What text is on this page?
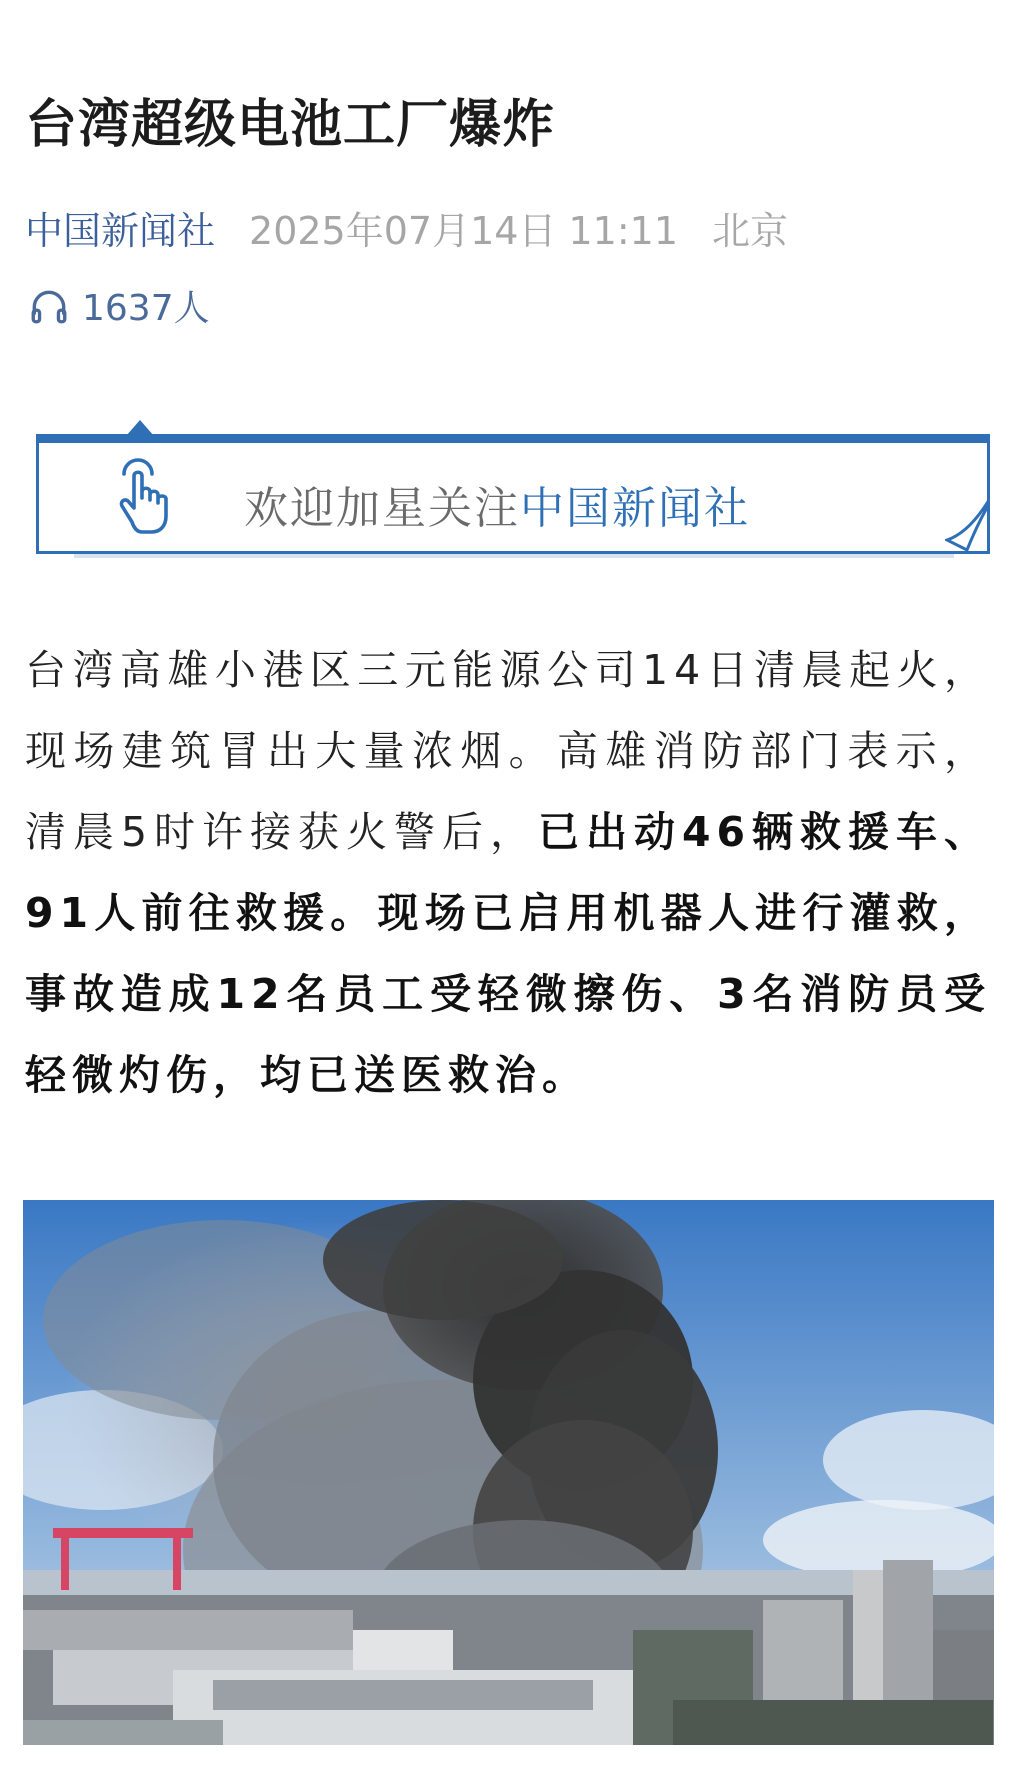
台湾超级电池工厂爆炸
中国新闻社 2025年07月14日 11:11 北京
1637人
欢迎加星关注中国新闻社
台湾高雄小港区三元能源公司14日清晨起火，现场建筑冒出大量浓烟。高雄消防部门表示，清晨5时许接获火警后，已出动46辆救援车、91人前往救援。现场已启用机器人进行灌救，事故造成12名员工受轻微擦伤、3名消防员受轻微灼伤，均已送医救治。
